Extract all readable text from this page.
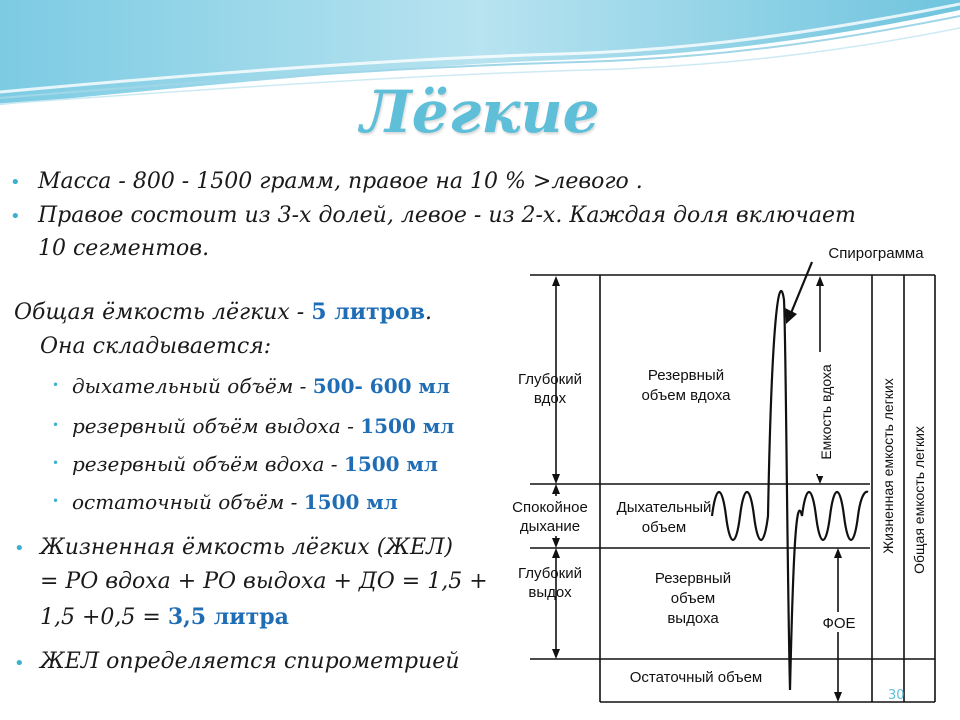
Лёгкие
• Масса - 800 - 1500 грамм, правое на 10 % >левого .
• Правое состоит из 3-х долей, левое - из 2-х. Каждая доля включает
10 сегментов.
Общая ёмкость лёгких - 5 литров.
Она складывается:
• дыхательный объём - 500- 600 мл
• резервный объём выдоха - 1500 мл
• резервный объём вдоха - 1500 мл
• остаточный объём - 1500 мл
• Жизненная ёмкость лёгких (ЖЕЛ)
= РО вдоха + РО выдоха + ДО = 1,5 +
1,5 +0,5 = 3,5 литра
• ЖЕЛ определяется спирометрией
Спирограмма
Глубокий
вдох
Спокойное
дыхание
Глубокий
выдох
Резервный
объем вдоха
Дыхательный
объем
Резервный
объем
выдоха
Остаточный объем
ФОЕ
Емкость вдоха	Жизненная емкость легких Общая емкость легких
30
